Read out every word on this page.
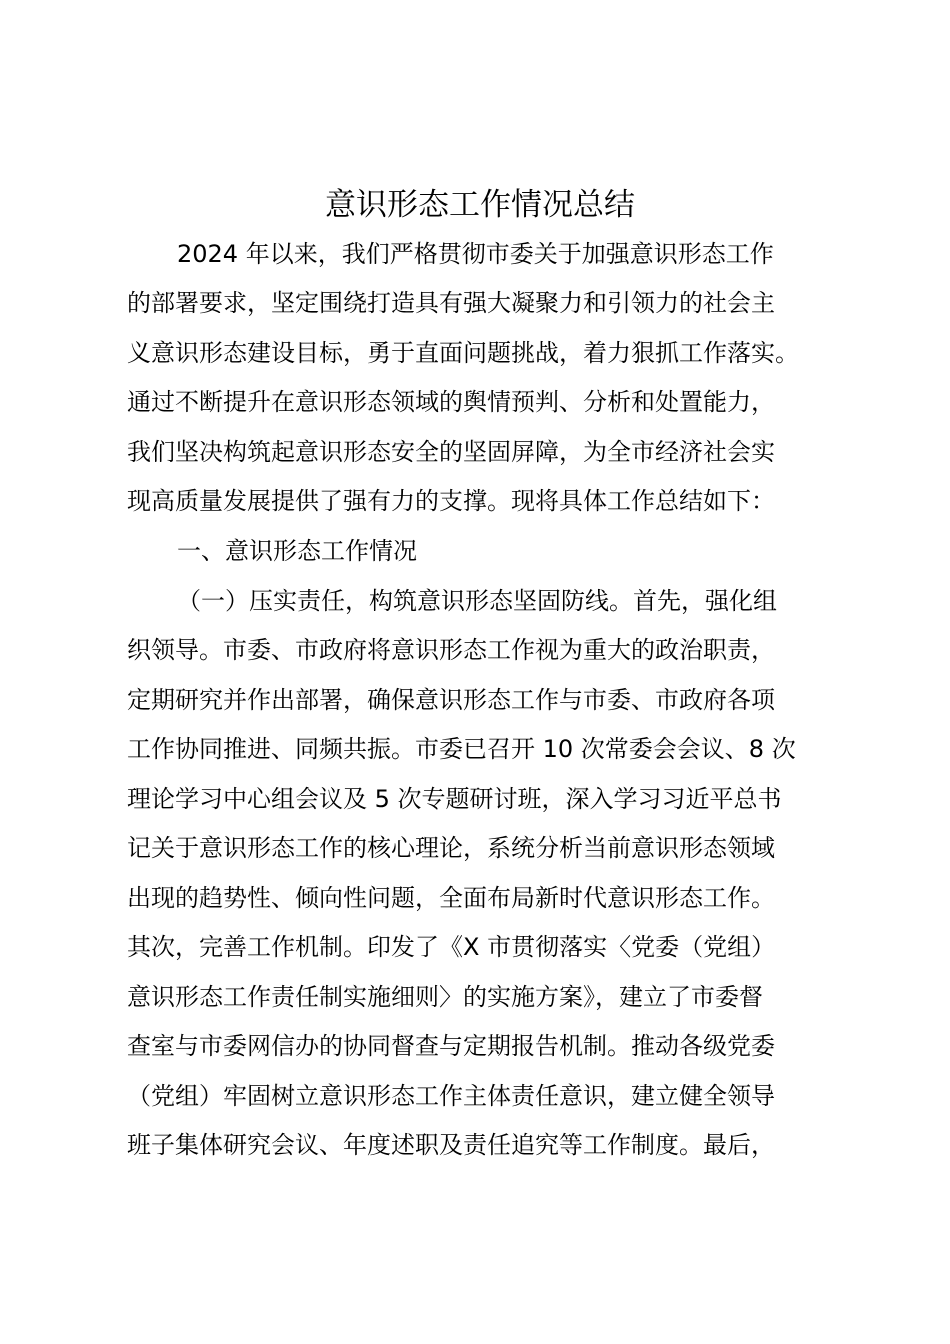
意识形态工作情况总结
2024 年以来，我们严格贯彻市委关于加强意识形态工作
的部署要求，坚定围绕打造具有强大凝聚力和引领力的社会主
义意识形态建设目标，勇于直面问题挑战，着力狠抓工作落实。
通过不断提升在意识形态领域的舆情预判、分析和处置能力，
我们坚决构筑起意识形态安全的坚固屏障，为全市经济社会实
现高质量发展提供了强有力的支撑。现将具体工作总结如下：
一、意识形态工作情况
（一）压实责任，构筑意识形态坚固防线。首先，强化组
织领导。市委、市政府将意识形态工作视为重大的政治职责，
定期研究并作出部署，确保意识形态工作与市委、市政府各项
工作协同推进、同频共振。市委已召开 10 次常委会会议、8 次
理论学习中心组会议及 5 次专题研讨班，深入学习习近平总书
记关于意识形态工作的核心理论，系统分析当前意识形态领域
出现的趋势性、倾向性问题，全面布局新时代意识形态工作。
其次，完善工作机制。印发了《X 市贯彻落实〈党委（党组）
意识形态工作责任制实施细则〉的实施方案》，建立了市委督
查室与市委网信办的协同督查与定期报告机制。推动各级党委
（党组）牢固树立意识形态工作主体责任意识，建立健全领导
班子集体研究会议、年度述职及责任追究等工作制度。最后，
